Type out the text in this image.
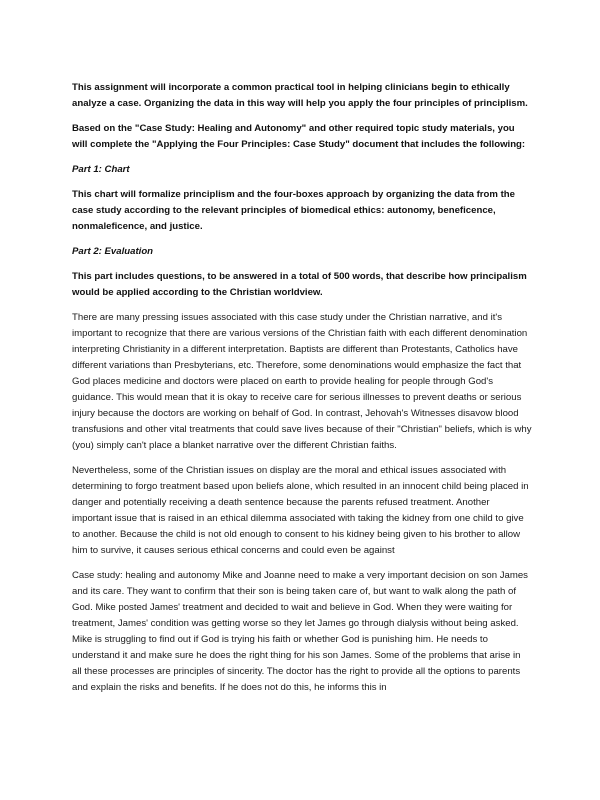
This assignment will incorporate a common practical tool in helping clinicians begin to ethically analyze a case. Organizing the data in this way will help you apply the four principles of principlism.

Based on the "Case Study: Healing and Autonomy" and other required topic study materials, you will complete the "Applying the Four Principles: Case Study" document that includes the following:

Part 1: Chart

This chart will formalize principlism and the four-boxes approach by organizing the data from the case study according to the relevant principles of biomedical ethics: autonomy, beneficence, nonmaleficence, and justice.

Part 2: Evaluation

This part includes questions, to be answered in a total of 500 words, that describe how principalism would be applied according to the Christian worldview.

There are many pressing issues associated with this case study under the Christian narrative, and it's important to recognize that there are various versions of the Christian faith with each different denomination interpreting Christianity in a different interpretation. Baptists are different than Protestants, Catholics have different variations than Presbyterians, etc. Therefore, some denominations would emphasize the fact that God places medicine and doctors were placed on earth to provide healing for people through God's guidance. This would mean that it is okay to receive care for serious illnesses to prevent deaths or serious injury because the doctors are working on behalf of God. In contrast, Jehovah's Witnesses disavow blood transfusions and other vital treatments that could save lives because of their "Christian" beliefs, which is why (you) simply can't place a blanket narrative over the different Christian faiths.

Nevertheless, some of the Christian issues on display are the moral and ethical issues associated with determining to forgo treatment based upon beliefs alone, which resulted in an innocent child being placed in danger and potentially receiving a death sentence because the parents refused treatment. Another important issue that is raised in an ethical dilemma associated with taking the kidney from one child to give to another. Because the child is not old enough to consent to his kidney being given to his brother to allow him to survive, it causes serious ethical concerns and could even be against

Case study: healing and autonomy Mike and Joanne need to make a very important decision on son James and its care. They want to confirm that their son is being taken care of, but want to walk along the path of God. Mike posted James' treatment and decided to wait and believe in God. When they were waiting for treatment, James' condition was getting worse so they let James go through dialysis without being asked. Mike is struggling to find out if God is trying his faith or whether God is punishing him. He needs to understand it and make sure he does the right thing for his son James. Some of the problems that arise in all these processes are principles of sincerity. The doctor has the right to provide all the options to parents and explain the risks and benefits. If he does not do this, he informs this in
